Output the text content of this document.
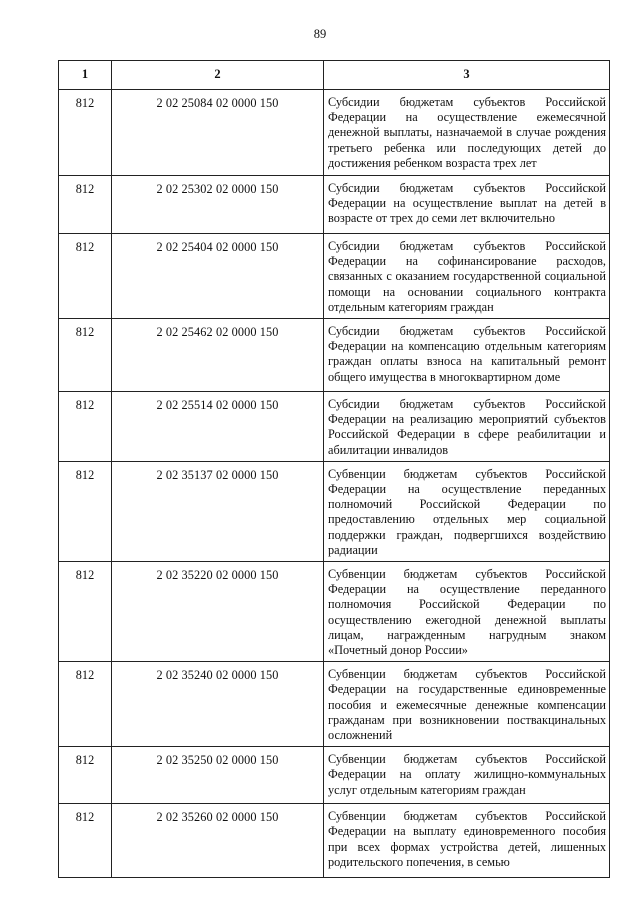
89
1	2	3
812	2 02 25084 02 0000 150	Субсидии бюджетам субъектов Российской Федерации на осуществление ежемесячной денежной выплаты, назначаемой в случае рождения третьего ребенка или последующих детей до достижения ребенком возраста трех лет
812	2 02 25302 02 0000 150	Субсидии бюджетам субъектов Российской Федерации на осуществление выплат на детей в возрасте от трех до семи лет включительно
812	2 02 25404 02 0000 150	Субсидии бюджетам субъектов Российской Федерации на софинансирование расходов, связанных с оказанием государственной социальной помощи на основании социального контракта отдельным категориям граждан
812	2 02 25462 02 0000 150	Субсидии бюджетам субъектов Российской Федерации на компенсацию отдельным категориям граждан оплаты взноса на капитальный ремонт общего имущества в многоквартирном доме
812	2 02 25514 02 0000 150	Субсидии бюджетам субъектов Российской Федерации на реализацию мероприятий субъектов Российской Федерации в сфере реабилитации и абилитации инвалидов
812	2 02 35137 02 0000 150	Субвенции бюджетам субъектов Российской Федерации на осуществление переданных полномочий Российской Федерации по предоставлению отдельных мер социальной поддержки граждан, подвергшихся воздействию радиации
812	2 02 35220 02 0000 150	Субвенции бюджетам субъектов Российской Федерации на осуществление переданного полномочия Российской Федерации по осуществлению ежегодной денежной выплаты лицам, награжденным нагрудным знаком «Почетный донор России»
812	2 02 35240 02 0000 150	Субвенции бюджетам субъектов Российской Федерации на государственные единовременные пособия и ежемесячные денежные компенсации гражданам при возникновении поствакцинальных осложнений
812	2 02 35250 02 0000 150	Субвенции бюджетам субъектов Российской Федерации на оплату жилищно-коммунальных услуг отдельным категориям граждан
812	2 02 35260 02 0000 150	Субвенции бюджетам субъектов Российской Федерации на выплату единовременного пособия при всех формах устройства детей, лишенных родительского попечения, в семью
